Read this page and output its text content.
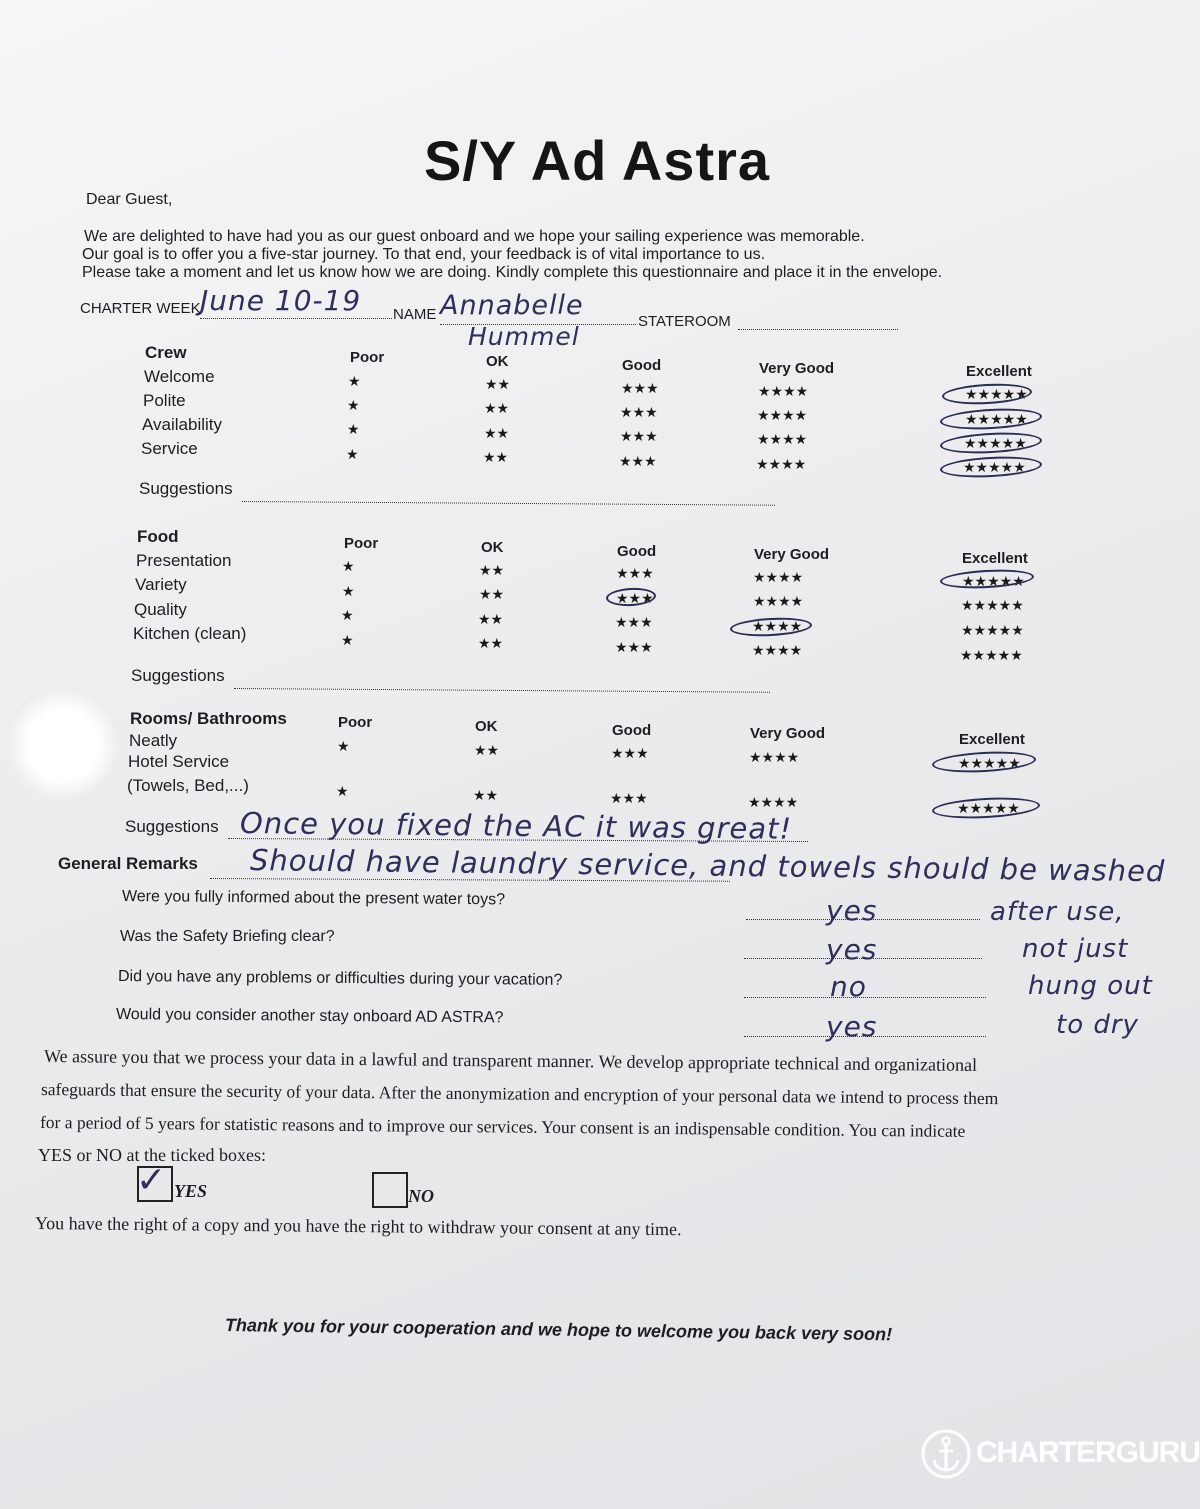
S/Y Ad Astra
Dear Guest,
We are delighted to have had you as our guest onboard and we hope your sailing experience was memorable.
Our goal is to offer you a five-star journey. To that end, your feedback is of vital importance to us.
Please take a moment and let us know how we are doing. Kindly complete this questionnaire and place it in the envelope.
CHARTER WEEK June 10-19 NAME Annabelle
Hummel
STATEROOM
Crew	Poor	OK	Good	Very Good	Excellent
Welcome	★	★★	★★★	★★★★	★★★★★
Polite	★	★★	★★★	★★★★	★★★★★
Availability	★	★★	★★★	★★★★	★★★★★
Service	★	★★	★★★	★★★★	★★★★★
Suggestions
Food	Poor	OK	Good	Very Good	Excellent
Presentation	★	★★	★★★	★★★★	★★★★★
Variety	★	★★	★★★	★★★★	★★★★★
Quality	★	★★	★★★	★★★★	★★★★★
Kitchen (clean)	★	★★	★★★	★★★★	★★★★★
Suggestions
Rooms/ Bathrooms	Poor	OK	Good	Very Good	Excellent
Neatly	★	★★	★★★	★★★★	★★★★★
Hotel Service
(Towels, Bed,...)	★	★★	★★★	★★★★	★★★★★
Suggestions Once you fixed the AC it was great!
General Remarks Should have laundry service, and towels should be washed
after use,
not just
hung out
to dry
Were you fully informed about the present water toys?	yes
Was the Safety Briefing clear?	yes
Did you have any problems or difficulties during your vacation?	no
Would you consider another stay onboard AD ASTRA?	yes
We assure you that we process your data in a lawful and transparent manner. We develop appropriate technical and organizational
safeguards that ensure the security of your data. After the anonymization and encryption of your personal data we intend to process them
for a period of 5 years for statistic reasons and to improve our services. Your consent is an indispensable condition. You can indicate
YES or NO at the ticked boxes:
✓ YES	NO
You have the right of a copy and you have the right to withdraw your consent at any time.
Thank you for your cooperation and we hope to welcome you back very soon!
CHARTERGURU
